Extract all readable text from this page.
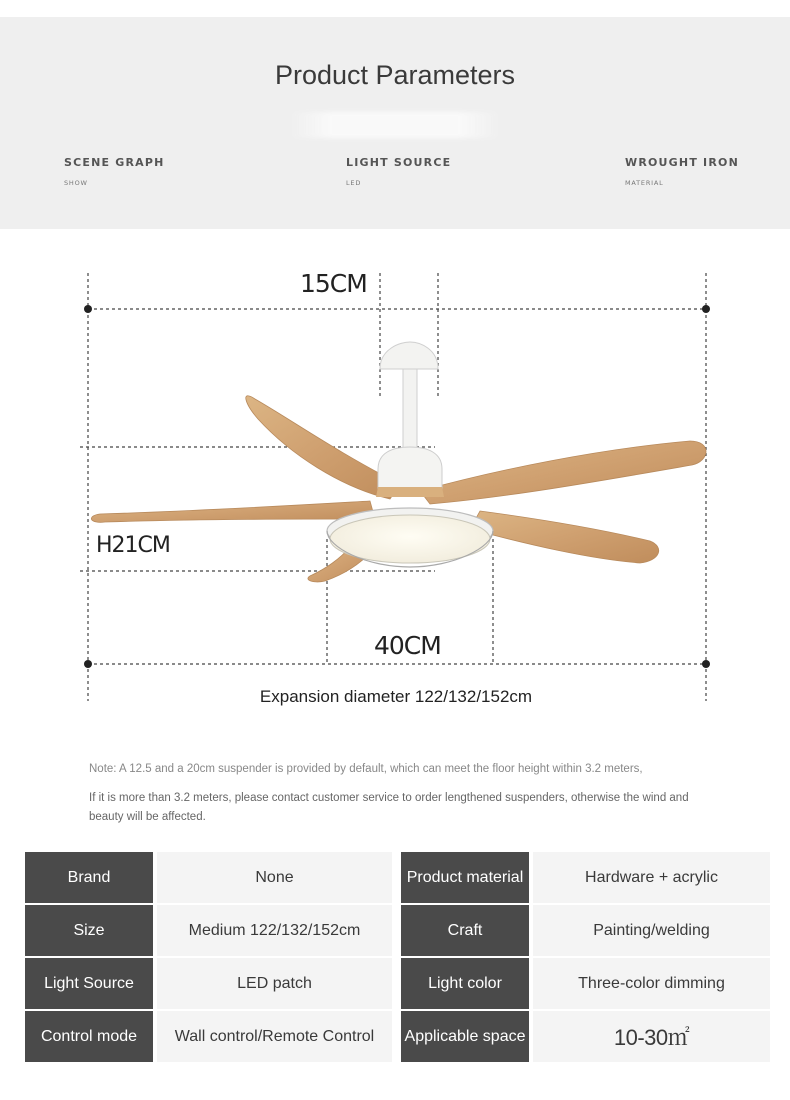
Product Parameters
SCENE GRAPH
SHOW
LIGHT SOURCE
LED
WROUGHT IRON
MATERIAL
15CM
H21CM
40CM
Expansion diameter 122/132/152cm
Note: A 12.5 and a 20cm suspender is provided by default, which can meet the floor height within 3.2 meters,
If it is more than 3.2 meters, please contact customer service to order lengthened suspenders, otherwise the wind and beauty will be affected.
Brand	None	Product material	Hardware + acrylic
Size	Medium 122/132/152cm	Craft	Painting/welding
Light Source	LED patch	Light color	Three-color dimming
Control mode	Wall control/Remote Control	Applicable space	10-30㎡
